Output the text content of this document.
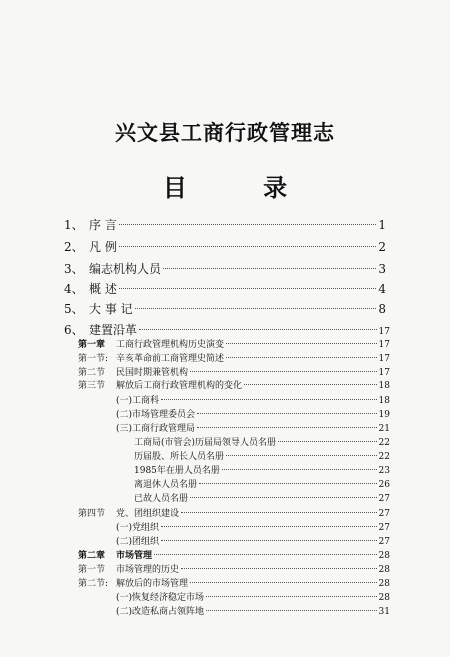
兴文县工商行政管理志
目 录
1、 序 言	1
2、 凡 例	2
3、 编志机构人员	3
4、 概 述	4
5、 大 事 记	8
6、 建置沿革	17
第一章	工商行政管理机构历史演变	17
第一节: 辛亥革命前工商管理史简述	17
第二节	民国时期兼管机构	17
第三节	解放后工商行政管理机构的变化	18
(一)工商科	18
(二)市场管理委员会	19
(三)工商行政管理局	21
工商局(市管会)历届局领导人员名册	22
历届股、所长人员名册	22
1985年在册人员名册	23
离退休人员名册	26
已故人员名册	27
第四节	党、团组织建设	27
(一)党组织	27
(二)团组织	27
第二章	市场管理	28
第一节	市场管理的历史	28
第二节: 解放后的市场管理	28
(一)恢复经济稳定市场	28
(二)改造私商占领阵地	31
